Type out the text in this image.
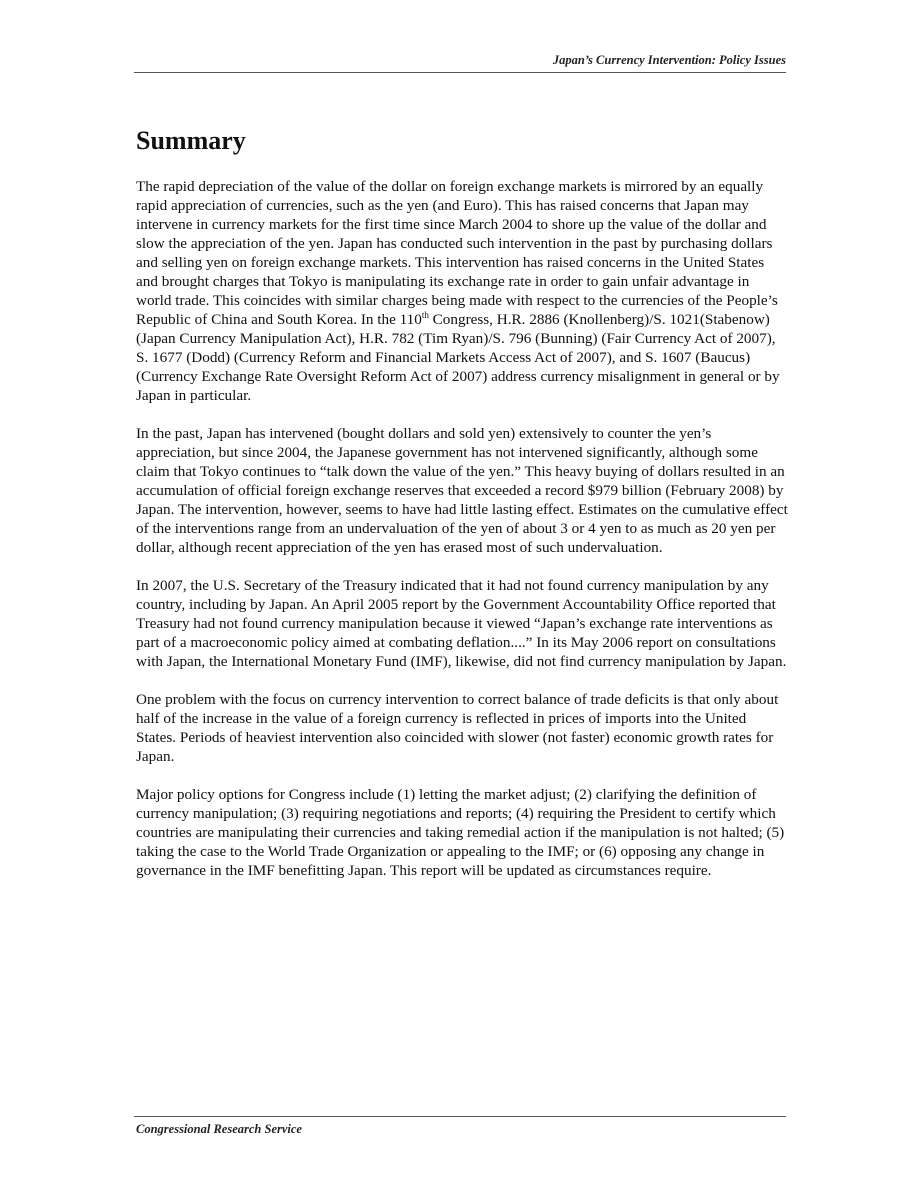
Japan’s Currency Intervention: Policy Issues
Summary

The rapid depreciation of the value of the dollar on foreign exchange markets is mirrored by an equally rapid appreciation of currencies, such as the yen (and Euro). This has raised concerns that Japan may intervene in currency markets for the first time since March 2004 to shore up the value of the dollar and slow the appreciation of the yen. Japan has conducted such intervention in the past by purchasing dollars and selling yen on foreign exchange markets. This intervention has raised concerns in the United States and brought charges that Tokyo is manipulating its exchange rate in order to gain unfair advantage in world trade. This coincides with similar charges being made with respect to the currencies of the People’s Republic of China and South Korea. In the 110th Congress, H.R. 2886 (Knollenberg)/S. 1021(Stabenow) (Japan Currency Manipulation Act), H.R. 782 (Tim Ryan)/S. 796 (Bunning) (Fair Currency Act of 2007), S. 1677 (Dodd) (Currency Reform and Financial Markets Access Act of 2007), and S. 1607 (Baucus) (Currency Exchange Rate Oversight Reform Act of 2007) address currency misalignment in general or by Japan in particular.

In the past, Japan has intervened (bought dollars and sold yen) extensively to counter the yen’s appreciation, but since 2004, the Japanese government has not intervened significantly, although some claim that Tokyo continues to “talk down the value of the yen.” This heavy buying of dollars resulted in an accumulation of official foreign exchange reserves that exceeded a record $979 billion (February 2008) by Japan. The intervention, however, seems to have had little lasting effect. Estimates on the cumulative effect of the interventions range from an undervaluation of the yen of about 3 or 4 yen to as much as 20 yen per dollar, although recent appreciation of the yen has erased most of such undervaluation.

In 2007, the U.S. Secretary of the Treasury indicated that it had not found currency manipulation by any country, including by Japan. An April 2005 report by the Government Accountability Office reported that Treasury had not found currency manipulation because it viewed “Japan’s exchange rate interventions as part of a macroeconomic policy aimed at combating deflation....” In its May 2006 report on consultations with Japan, the International Monetary Fund (IMF), likewise, did not find currency manipulation by Japan.

One problem with the focus on currency intervention to correct balance of trade deficits is that only about half of the increase in the value of a foreign currency is reflected in prices of imports into the United States. Periods of heaviest intervention also coincided with slower (not faster) economic growth rates for Japan.

Major policy options for Congress include (1) letting the market adjust; (2) clarifying the definition of currency manipulation; (3) requiring negotiations and reports; (4) requiring the President to certify which countries are manipulating their currencies and taking remedial action if the manipulation is not halted; (5) taking the case to the World Trade Organization or appealing to the IMF; or (6) opposing any change in governance in the IMF benefitting Japan. This report will be updated as circumstances require.

Congressional Research Service
